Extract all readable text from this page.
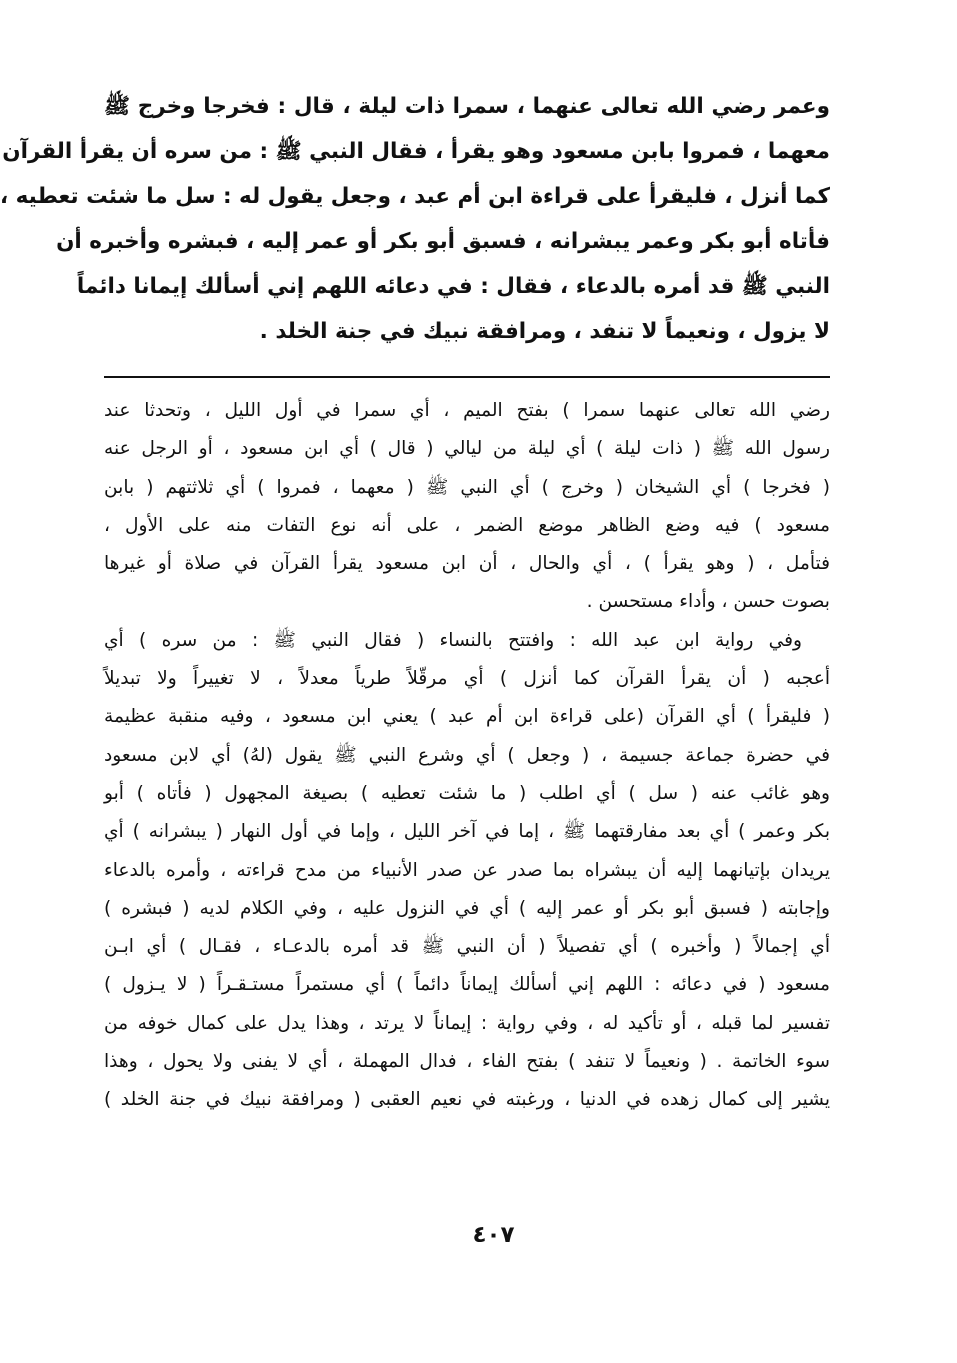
وعمر رضي الله تعالى عنهما ، سمرا ذات ليلة ، قال : فخرجا وخرج ﷺ
معهما ، فمروا بابن مسعود وهو يقرأ ، فقال النبي ﷺ : من سره أن يقرأ القرآن
كما أنزل ، فليقرأ على قراءة ابن أم عبد ، وجعل يقول له : سل ما شئت تعطيه ،
فأتاه أبو بكر وعمر يبشرانه ، فسبق أبو بكر أو عمر إليه ، فبشره وأخبره أن
النبي ﷺ قد أمره بالدعاء ، فقال : في دعائه اللهم إني أسألك إيمانا دائماً
لا يزول ، ونعيماً لا تنفد ، ومرافقة نبيك في جنة الخلد .
رضي الله تعالى عنهما سمرا ) بفتح الميم ، أي سمرا في أول الليل ، وتحدثا عند
رسول الله ﷺ ( ذات ليلة ) أي ليلة من ليالي ( قال ) أي ابن مسعود ، أو الرجل عنه
( فخرجا ) أي الشيخان ( وخرج ) أي النبي ﷺ ( معهما ، فمروا ) أي ثلاثتهم ( بابن
مسعود ) فيه وضع الظاهر موضع الضمر ، على أنه نوع التفات منه على الأول ،
فتأمل ، ( وهو يقرأ ) ، أي والحال ، أن ابن مسعود يقرأ القرآن في صلاة أو غيرها
بصوت حسن ، وأداء مستحسن .
وفي رواية ابن عبد الله : وافتتح بالنساء ( فقال النبي ﷺ : من سره ) أي
أعجبه ( أن يقرأ القرآن كما أنزل ) أي مرقّلاً طرياً معدلاً ، لا تغييراً ولا تبديلاً
( فليقرأ ) أي القرآن (على قراءة ابن أم عبد ) يعني ابن مسعود ، وفيه منقبة عظيمة
في حضرة جماعة جسيمة ، ( وجعل ) أي وشرع النبي ﷺ يقول (لهُ) أي لابن مسعود
وهو غائب عنه ( سل ) أي اطلب ( ما شئت تعطيه ) بصيغة المجهول ( فأتاه ) أبو
بكر وعمر ) أي بعد مفارقتهما ﷺ ، إما في آخر الليل ، وإما في أول النهار ( يبشرانه ) أي
يريدان بإتيانهما إليه أن يبشراه بما صدر عن صدر الأنبياء من مدح قراءته ، وأمره بالدعاء
وإجابته ( فسبق أبو بكر أو عمر إليه ) أي في النزول عليه ، وفي الكلام لديه ( فبشره )
أي إجمالاً ( وأخبره ) أي تفصيلاً ( أن النبي ﷺ قد أمره بالدعـاء ، فقـال ) أي ابـن
مسعود ( في دعائه : اللهم إني أسألك إيماناً دائماً ) أي مستمراً مستـقـراً ( لا يـزول )
تفسير لما قبله ، أو تأكيد له ، وفي رواية : إيماناً لا يرتد ، وهذا يدل على كمال خوفه من
سوء الخاتمة . ( ونعيماً لا تنفد ) بفتح الفاء ، فدال المهملة ، أي لا يفنى ولا يحول ، وهذا
يشير إلى كمال زهده في الدنيا ، ورغبته في نعيم العقبى ( ومرافقة نبيك في جنة الخلد )
٤٠٧
